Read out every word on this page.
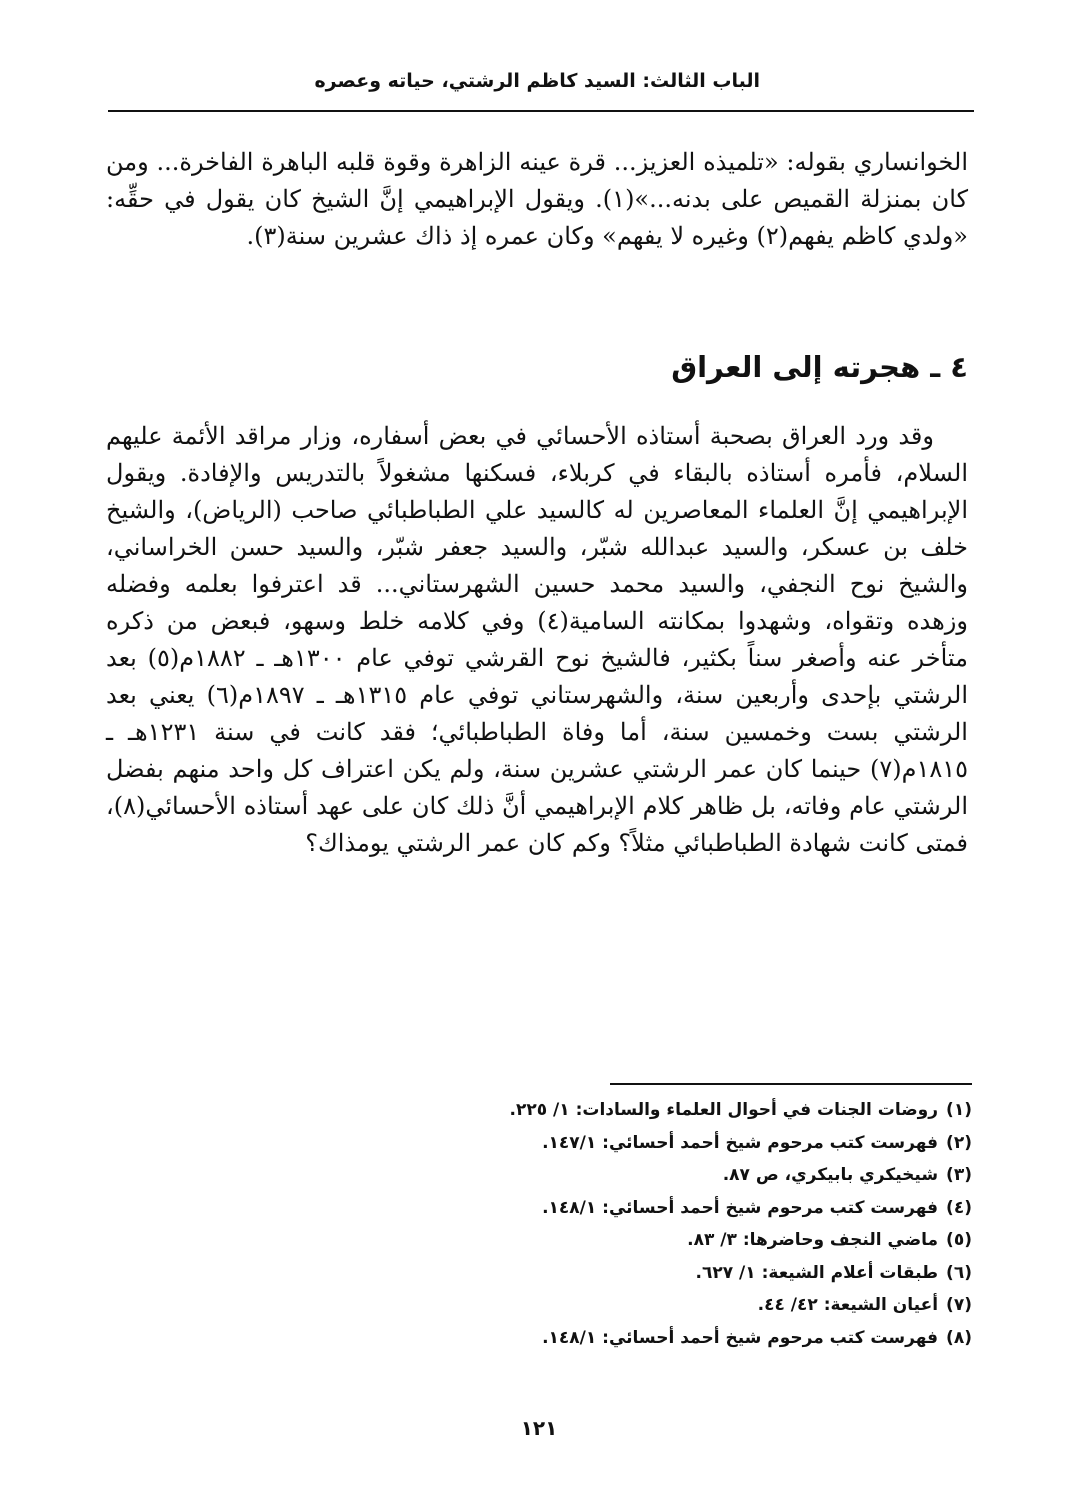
الباب الثالث: السيد كاظم الرشتي، حياته وعصره

الخوانساري بقوله: «تلميذه العزيز... قرة عينه الزاهرة وقوة قلبه الباهرة الفاخرة... ومن كان بمنزلة القميص على بدنه...»(١). ويقول الإبراهيمي إنَّ الشيخ كان يقول في حقِّه: «ولدي كاظم يفهم(٢) وغيره لا يفهم» وكان عمره إذ ذاك عشرين سنة(٣).

٤ ـ هجرته إلى العراق

وقد ورد العراق بصحبة أستاذه الأحسائي في بعض أسفاره، وزار مراقد الأئمة عليهم السلام، فأمره أستاذه بالبقاء في كربلاء، فسكنها مشغولاً بالتدريس والإفادة. ويقول الإبراهيمي إنَّ العلماء المعاصرين له كالسيد علي الطباطبائي صاحب (الرياض)، والشيخ خلف بن عسكر، والسيد عبدالله شبّر، والسيد جعفر شبّر، والسيد حسن الخراساني، والشيخ نوح النجفي، والسيد محمد حسين الشهرستاني... قد اعترفوا بعلمه وفضله وزهده وتقواه، وشهدوا بمكانته السامية(٤) وفي كلامه خلط وسهو، فبعض من ذكره متأخر عنه وأصغر سناً بكثير، فالشيخ نوح القرشي توفي عام ١٣٠٠هـ ـ ١٨٨٢م(٥) بعد الرشتي بإحدى وأربعين سنة، والشهرستاني توفي عام ١٣١٥هـ ـ ١٨٩٧م(٦) يعني بعد الرشتي بست وخمسين سنة، أما وفاة الطباطبائي؛ فقد كانت في سنة ١٢٣١هـ ـ ١٨١٥م(٧) حينما كان عمر الرشتي عشرين سنة، ولم يكن اعتراف كل واحد منهم بفضل الرشتي عام وفاته، بل ظاهر كلام الإبراهيمي أنَّ ذلك كان على عهد أستاذه الأحسائي(٨)، فمتى كانت شهادة الطباطبائي مثلاً؟ وكم كان عمر الرشتي يومذاك؟

(١)روضات الجنات في أحوال العلماء والسادات: ١/ ٢٢٥.
(٢)فهرست كتب مرحوم شيخ أحمد أحسائي: ١٤٧/١.
(٣)شيخيكري بابيكري، ص ٨٧.
(٤)فهرست كتب مرحوم شيخ أحمد أحسائي: ١٤٨/١.
(٥)ماضي النجف وحاضرها: ٣/ ٨٣.
(٦)طبقات أعلام الشيعة: ١/ ٦٢٧.
(٧)أعيان الشيعة: ٤٢/ ٤٤.
(٨)فهرست كتب مرحوم شيخ أحمد أحسائي: ١٤٨/١.
١٢١
